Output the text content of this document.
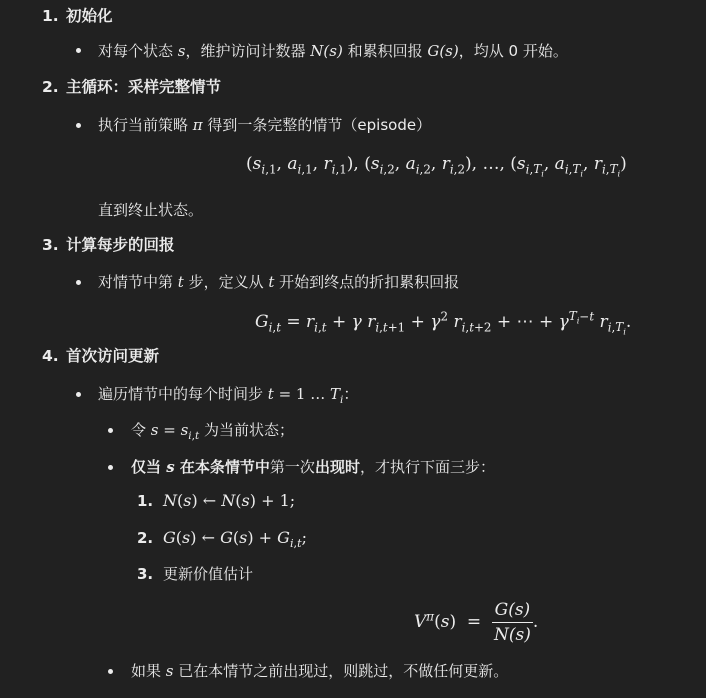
1. 初始化
对每个状态 s，维护访问计数器 N(s) 和累积回报 G(s)，均从 0 开始。
2. 主循环：采样完整情节
执行当前策略 π 得到一条完整的情节（episode）
($s_{i,1}$, $a_{i,1}$, $r_{i,1}$), ($s_{i,2}$, $a_{i,2}$, $r_{i,2}$), …, ($s_{i,T_i}$, $a_{i,T_i}$, $r_{i,T_i}$)
直到终止状态。
3. 计算每步的回报
对情节中第 t 步，定义从 t 开始到终点的折扣累积回报
$G_{i,t} = r_{i,t} + \gamma$ $r_{i,t+1} + \gamma^2$ $r_{i,t+2}$ + ⋯ + $\gamma^{T_i-t}$ $r_{i,T_i}$.
4. 首次访问更新
遍历情节中的每个时间步 t = 1 … $T_i$：
令 $s = s_{i,t}$ 为当前状态；
仅当 s 在本条情节中第一次出现时，才执行下面三步：
1. N(s) ← N(s) + 1;
2. G(s) ← $G(s) + G_{i,t}$;
3. 更新价值估计
$V^\pi(s) = \frac{G(s)}{N(s)}$ .
如果 s 已在本情节之前出现过，则跳过，不做任何更新。
